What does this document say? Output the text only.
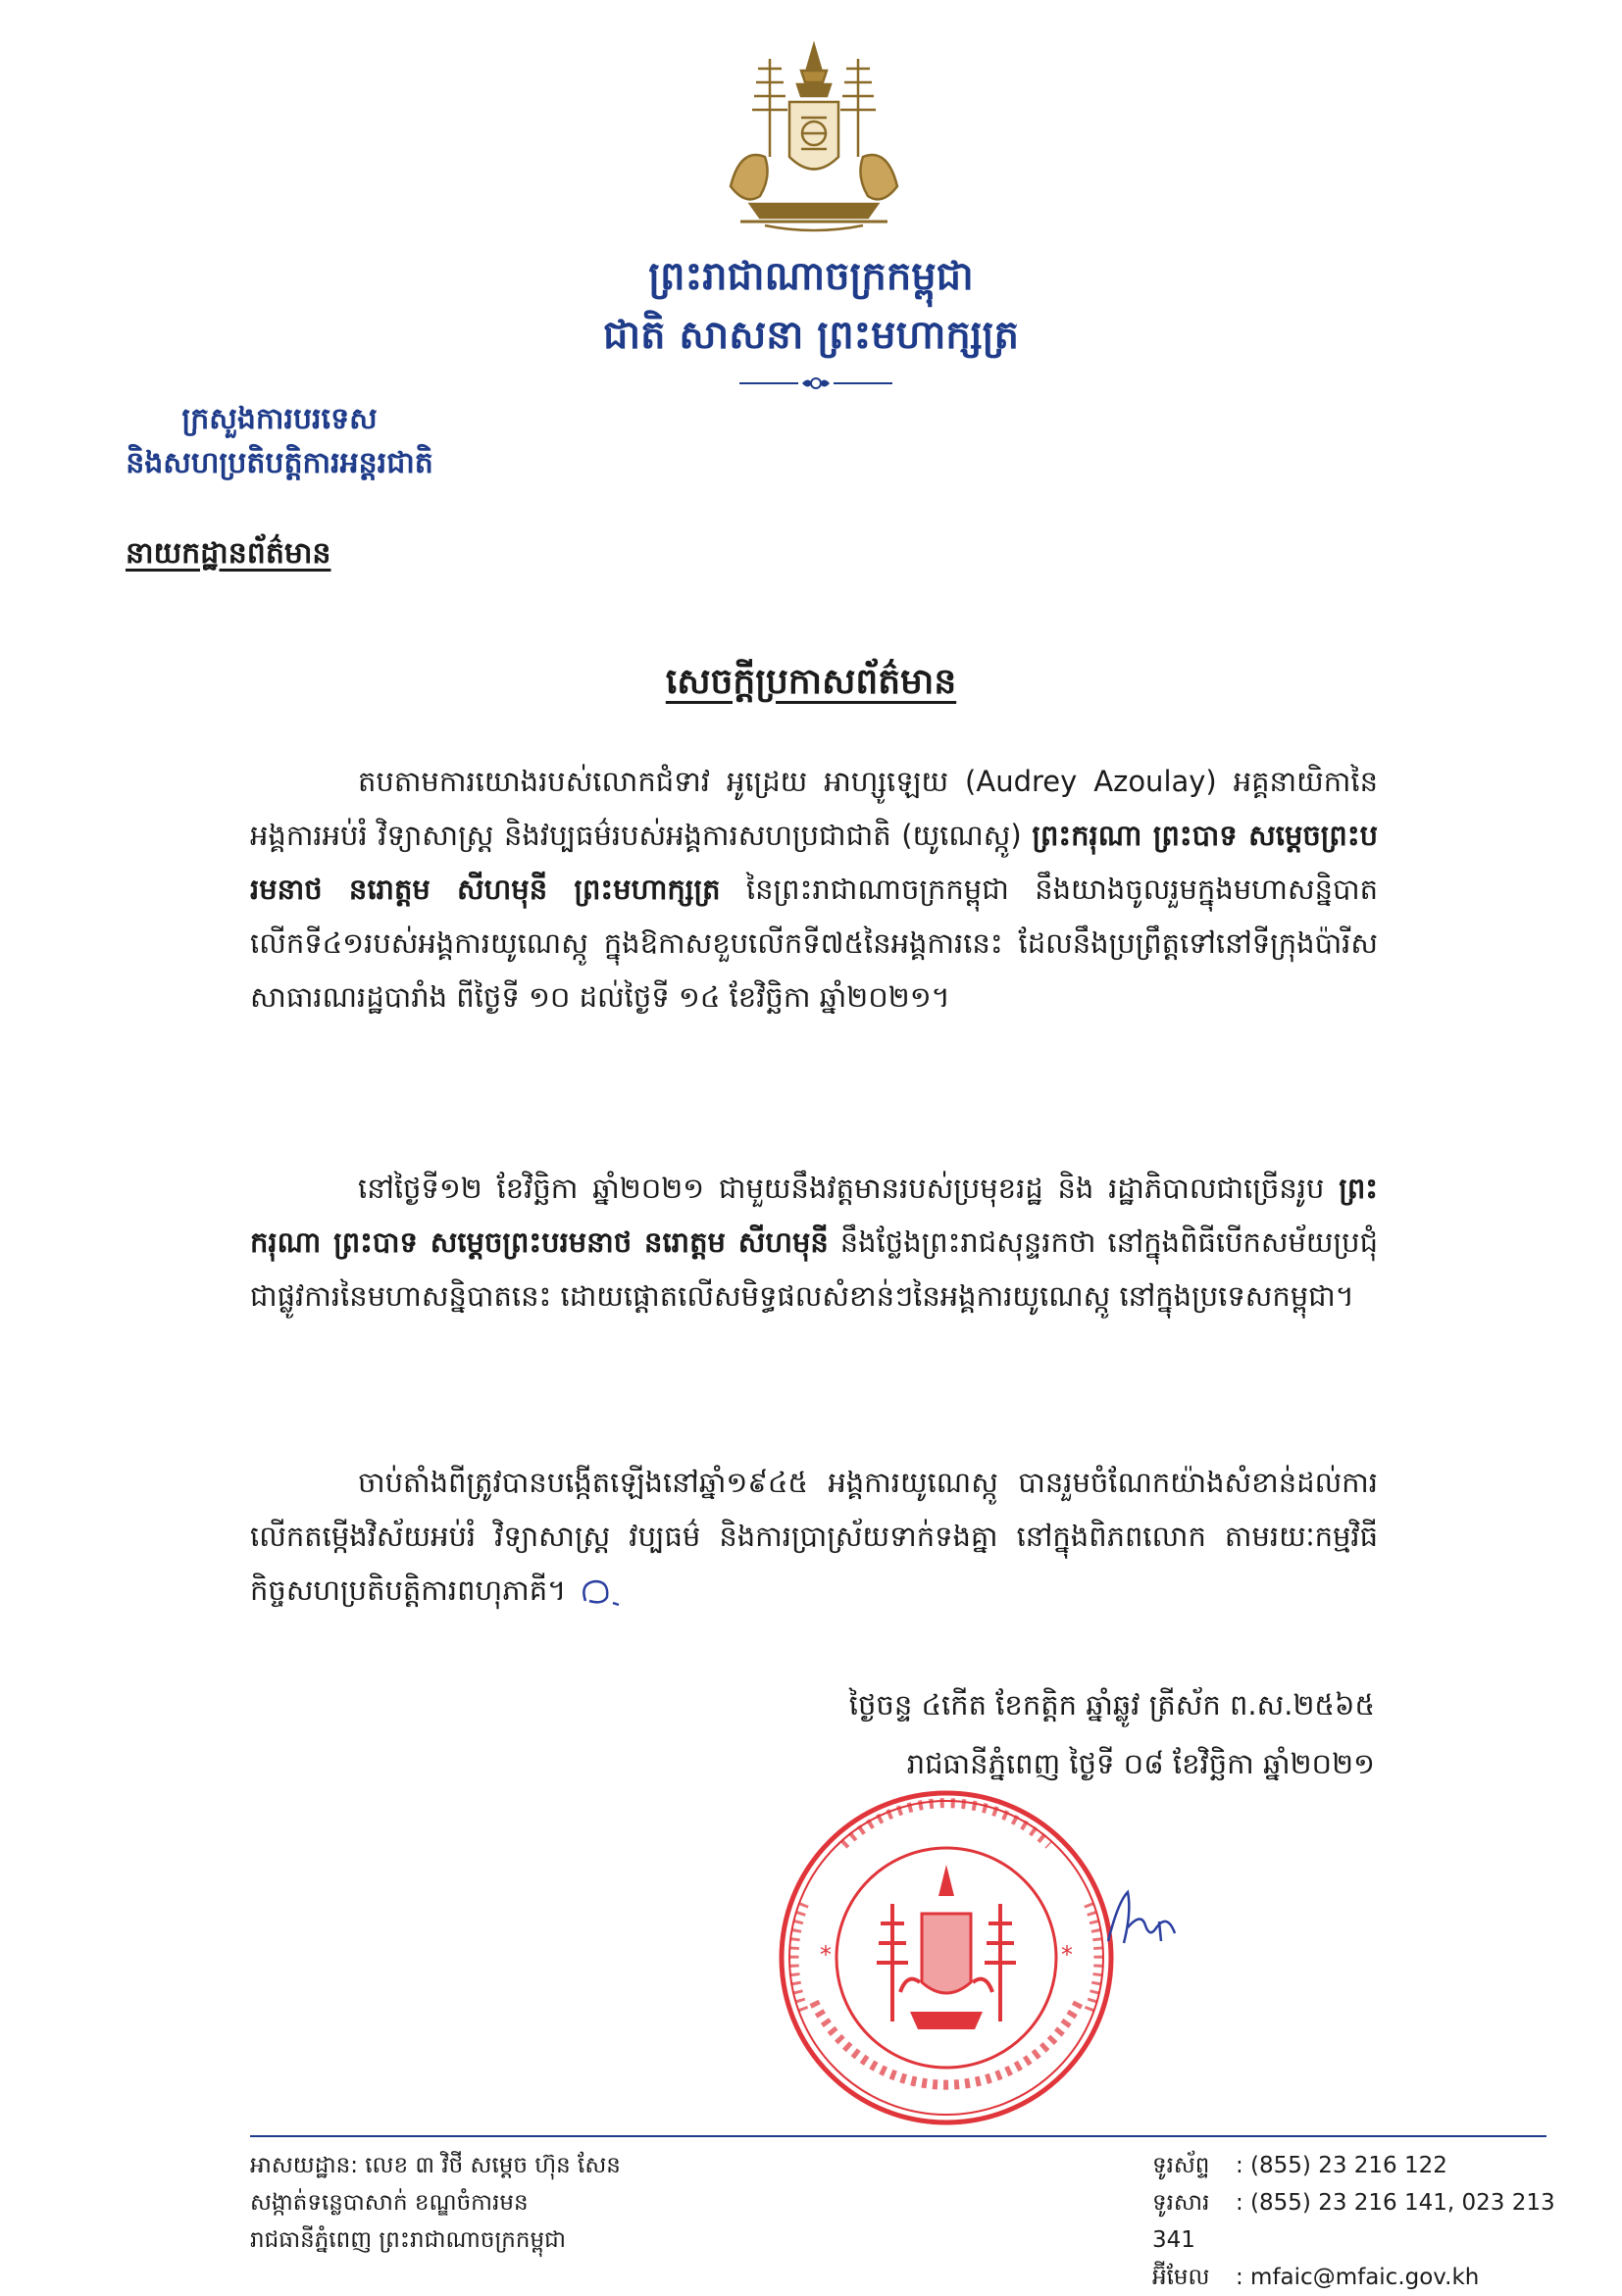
ព្រះរាជាណាចក្រកម្ពុជា
ជាតិ សាសនា ព្រះមហាក្សត្រ
ក្រសួងការបរទេស
និងសហប្រតិបត្តិការអន្តរជាតិ
នាយកដ្ឋានព័ត៌មាន
សេចក្តីប្រកាសព័ត៌មាន
តបតាមការយោងរបស់លោកជំទាវ អូដ្រេយ អាហ្សូឡេយ (Audrey Azoulay) អគ្គនាយិកានៃអង្គការអប់រំ វិទ្យាសាស្ត្រ និងវប្បធម៌របស់អង្គការសហប្រជាជាតិ (យូណេស្កូ) ព្រះករុណា ព្រះបាទ សម្តេចព្រះបរមនាថ នរោត្តម សីហមុនី ព្រះមហាក្សត្រ នៃព្រះរាជាណាចក្រកម្ពុជា នឹងយាងចូលរួមក្នុងមហាសន្និបាតលើកទី៤១របស់អង្គការយូណេស្កូ ក្នុងឱកាសខួបលើកទី៧៥នៃអង្គការនេះ ដែលនឹងប្រព្រឹត្តទៅនៅទីក្រុងប៉ារីស សាធារណរដ្ឋបារាំង ពីថ្ងៃទី ១០ ដល់ថ្ងៃទី ១៤ ខែវិច្ឆិកា ឆ្នាំ២០២១។
នៅថ្ងៃទី១២ ខែវិច្ឆិកា ឆ្នាំ២០២១ ជាមួយនឹងវត្តមានរបស់ប្រមុខរដ្ឋ និង រដ្ឋាភិបាលជាច្រើនរូប ព្រះករុណា ព្រះបាទ សម្តេចព្រះបរមនាថ នរោត្តម សីហមុនី នឹងថ្លែងព្រះរាជសុន្ទរកថា នៅក្នុងពិធីបើកសម័យប្រជុំជាផ្លូវការនៃមហាសន្និបាតនេះ ដោយផ្តោតលើសមិទ្ធផលសំខាន់ៗនៃអង្គការយូណេស្កូ នៅក្នុងប្រទេសកម្ពុជា។
ចាប់តាំងពីត្រូវបានបង្កើតឡើងនៅឆ្នាំ១៩៤៥ អង្គការយូណេស្កូ បានរួមចំណែកយ៉ាងសំខាន់ដល់ការលើកតម្កើងវិស័យអប់រំ វិទ្យាសាស្ត្រ វប្បធម៌ និងការប្រាស្រ័យទាក់ទងគ្នា នៅក្នុងពិភពលោក តាមរយៈកម្មវិធីកិច្ចសហប្រតិបត្តិការពហុភាគី។
ថ្ងៃចន្ទ ៤កើត ខែកត្តិក ឆ្នាំឆ្លូវ ត្រីស័ក ព.ស.២៥៦៥
រាជធានីភ្នំពេញ ថ្ងៃទី ០៨ ខែវិច្ឆិកា ឆ្នាំ២០២១
*	*
អាសយដ្ឋាន: លេខ ៣ វិថី សម្តេច ហ៊ុន សែន
សង្កាត់ទន្លេបាសាក់ ខណ្ឌចំការមន
រាជធានីភ្នំពេញ ព្រះរាជាណាចក្រកម្ពុជា
ទូរស័ព្ទ : (855) 23 216 122
ទូរសារ : (855) 23 216 141, 023 213 341
អ៊ីមែល : mfaic@mfaic.gov.kh
